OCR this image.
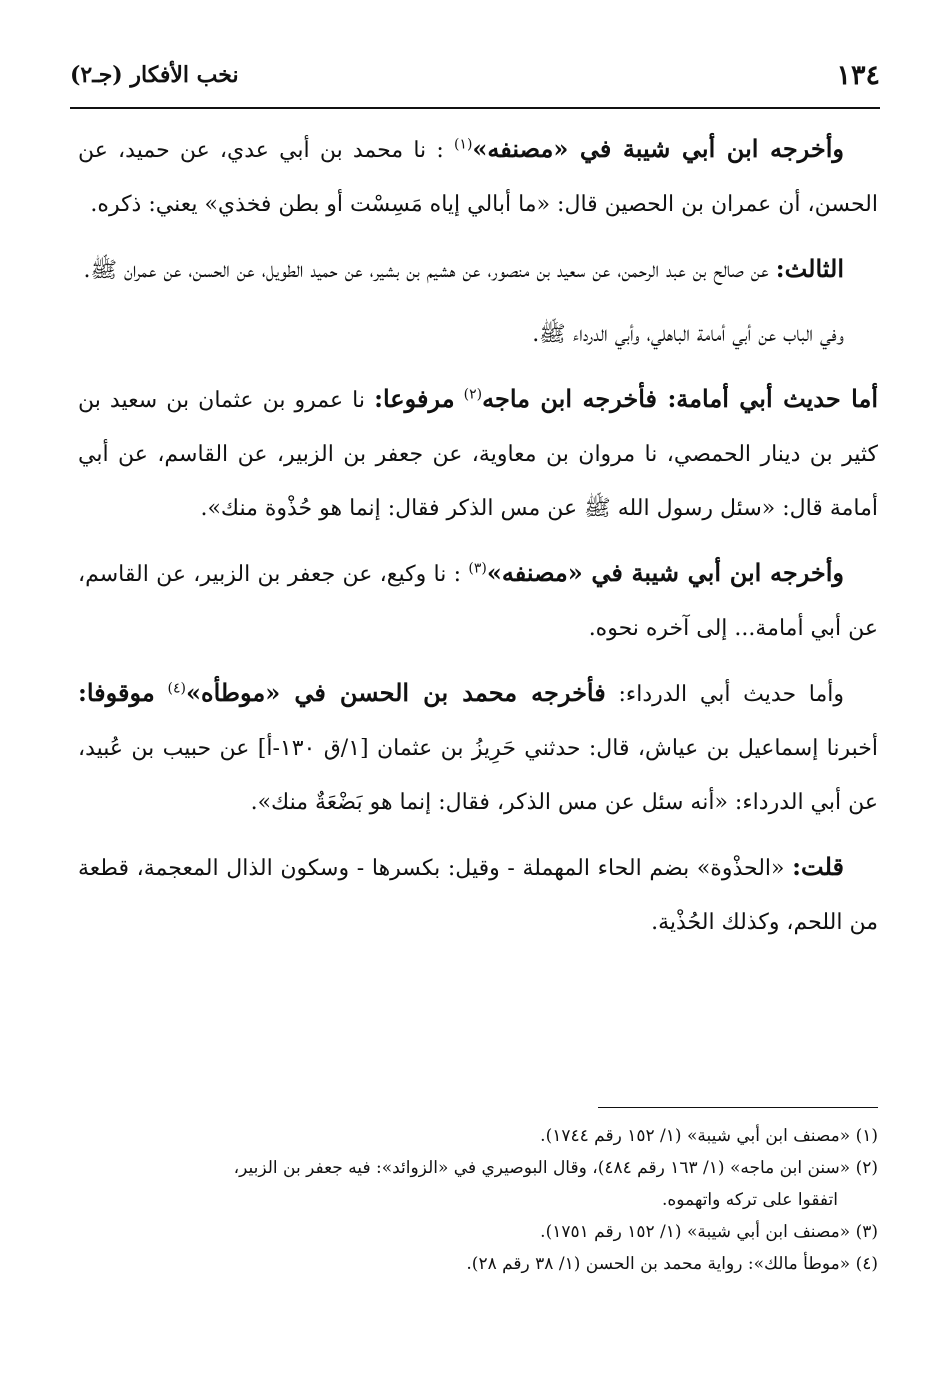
١٣٤
نخب الأفكار (جـ٢)

وأخرجه ابن أبي شيبة في «مصنفه»$^{(١)}$ : نا محمد بن أبي عدي، عن حميد، عن الحسن، أن عمران بن الحصين قال: «ما أبالي إياه مَسِسْت أو بطن فخذي» يعني: ذكره.

الثالث: عن صالح بن عبد الرحمن، عن سعيد بن منصور، عن هشيم بن بشير، عن حميد الطويل، عن الحسن، عن عمران ﷺ.

وفي الباب عن أبي أمامة الباهلي، وأبي الدرداء ﷺ.

أما حديث أبي أمامة: فأخرجه ابن ماجه$^{(٢)}$ مرفوعا: نا عمرو بن عثمان بن سعيد بن كثير بن دينار الحمصي، نا مروان بن معاوية، عن جعفر بن الزبير، عن القاسم، عن أبي أمامة قال: «سئل رسول الله ﷺ عن مس الذكر فقال: إنما هو حُذْوة منك».

وأخرجه ابن أبي شيبة في «مصنفه»$^{(٣)}$ : نا وكيع، عن جعفر بن الزبير، عن القاسم، عن أبي أمامة... إلى آخره نحوه.

وأما حديث أبي الدرداء: فأخرجه محمد بن الحسن في «موطأه»$^{(٤)}$ موقوفا: أخبرنا إسماعيل بن عياش، قال: حدثني حَرِيزُ بن عثمان [١/ق ١٣٠-أ] عن حبيب بن عُبيد، عن أبي الدرداء: «أنه سئل عن مس الذكر، فقال: إنما هو بَضْعَةٌ منك».

قلت: «الحذْوة» بضم الحاء المهملة - وقيل: بكسرها - وسكون الذال المعجمة، قطعة من اللحم، وكذلك الحُذْية.

(١) «مصنف ابن أبي شيبة» (١/ ١٥٢ رقم ١٧٤٤).

(٢) «سنن ابن ماجه» (١/ ١٦٣ رقم ٤٨٤)، وقال البوصيري في «الزوائد»: فيه جعفر بن الزبير،

اتفقوا على تركه واتهموه.

(٣) «مصنف ابن أبي شيبة» (١/ ١٥٢ رقم ١٧٥١).

(٤) «موطأ مالك»: رواية محمد بن الحسن (١/ ٣٨ رقم ٢٨).
